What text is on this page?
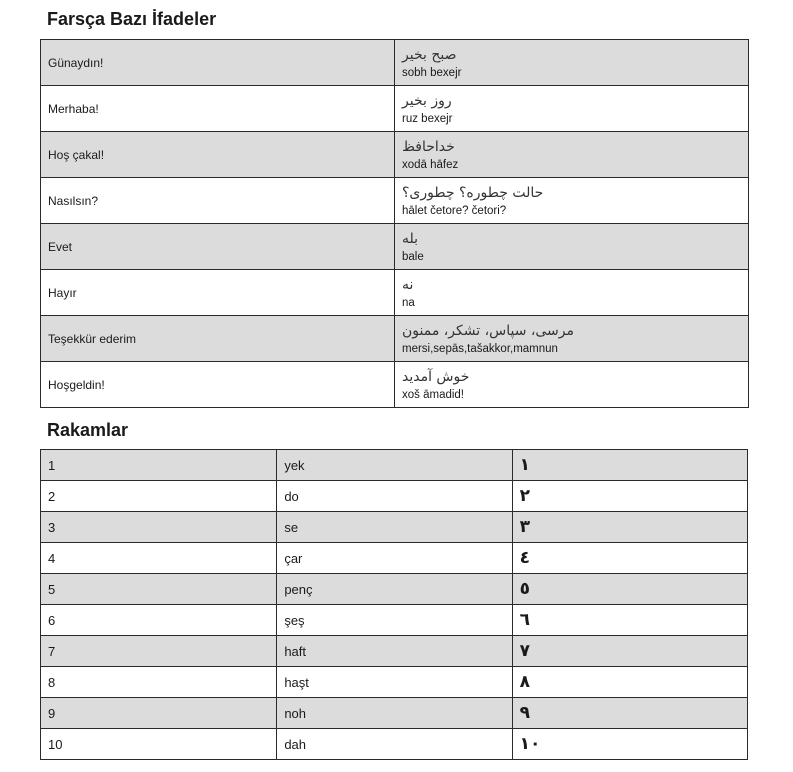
Farsça Bazı İfadeler
Günaydın!	صبح بخیر
sobh bexejr

Merhaba!	روز بخیر
ruz bexejr

Hoş çakal!	خداحافظ
xodā hāfez

Nasılsın?	حالت چطوره؟ چطوری؟
hālet četore? četori?

Evet	بله
bale

Hayır	نه
na

Teşekkür ederim	مرسی، سپاس، تشکر، ممنون
mersi,sepās,tašakkor,mamnun

Hoşgeldin!	خوش آمدید
xoš āmadid!
Rakamlar
1	yek	١
2	do	٢
3	se	٣
4	çar	٤
5	penç	٥
6	şeş	٦
7	haft	٧
8	haşt	٨
9	noh	٩
10	dah	١٠
